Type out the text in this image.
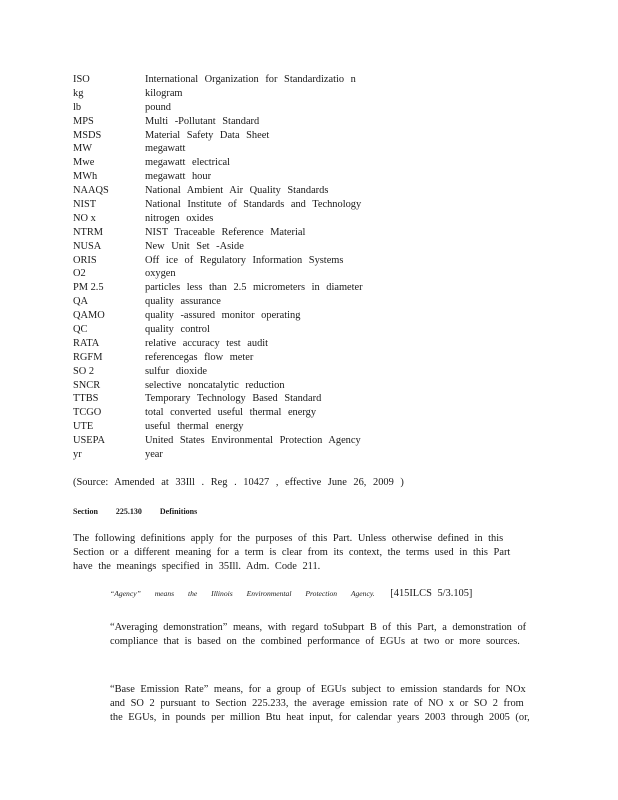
ISO	International Organization for Standardizatio n
kg	kilogram
lb	pound
MPS	Multi -Pollutant Standard
MSDS	Material Safety Data Sheet
MW	megawatt
Mwe	megawatt electrical
MWh	megawatt hour
NAAQS	National Ambient Air Quality Standards
NIST	National Institute of Standards and Technology
NO x	nitrogen oxides
NTRM	NIST Traceable Reference Material
NUSA	New Unit Set -Aside
ORIS	Off ice of Regulatory Information Systems
O2	oxygen
PM 2.5	particles less than 2.5 micrometers in diameter
QA	quality assurance
QAMO	quality -assured monitor operating
QC	quality control
RATA	relative accuracy test audit
RGFM	referencegas flow meter
SO 2	sulfur dioxide
SNCR	selective noncatalytic reduction
TTBS	Temporary Technology Based Standard
TCGO	total converted useful thermal energy
UTE	useful thermal energy
USEPA	United States Environmental Protection Agency
yr	year
(Source: Amended at 33Ill . Reg . 10427 , effective June 26, 2009 )
Section 225.130 Definitions
The following definitions apply for the purposes of this Part. Unless otherwise defined in this Section or a different meaning for a term is clear from its context, the terms used in this Part have the meanings specified in 35Ill. Adm. Code 211.
“Agency” means the Illinois Environmental Protection Agency. [415ILCS 5/3.105]
“Averaging demonstration” means, with regard toSubpart B of this Part, a demonstration of compliance that is based on the combined performance of EGUs at two or more sources.
“Base Emission Rate” means, for a group of EGUs subject to emission standards for NOx and SO 2 pursuant to Section 225.233, the average emission rate of NO x or SO 2 from the EGUs, in pounds per million Btu heat input, for calendar years 2003 through 2005 (or,
